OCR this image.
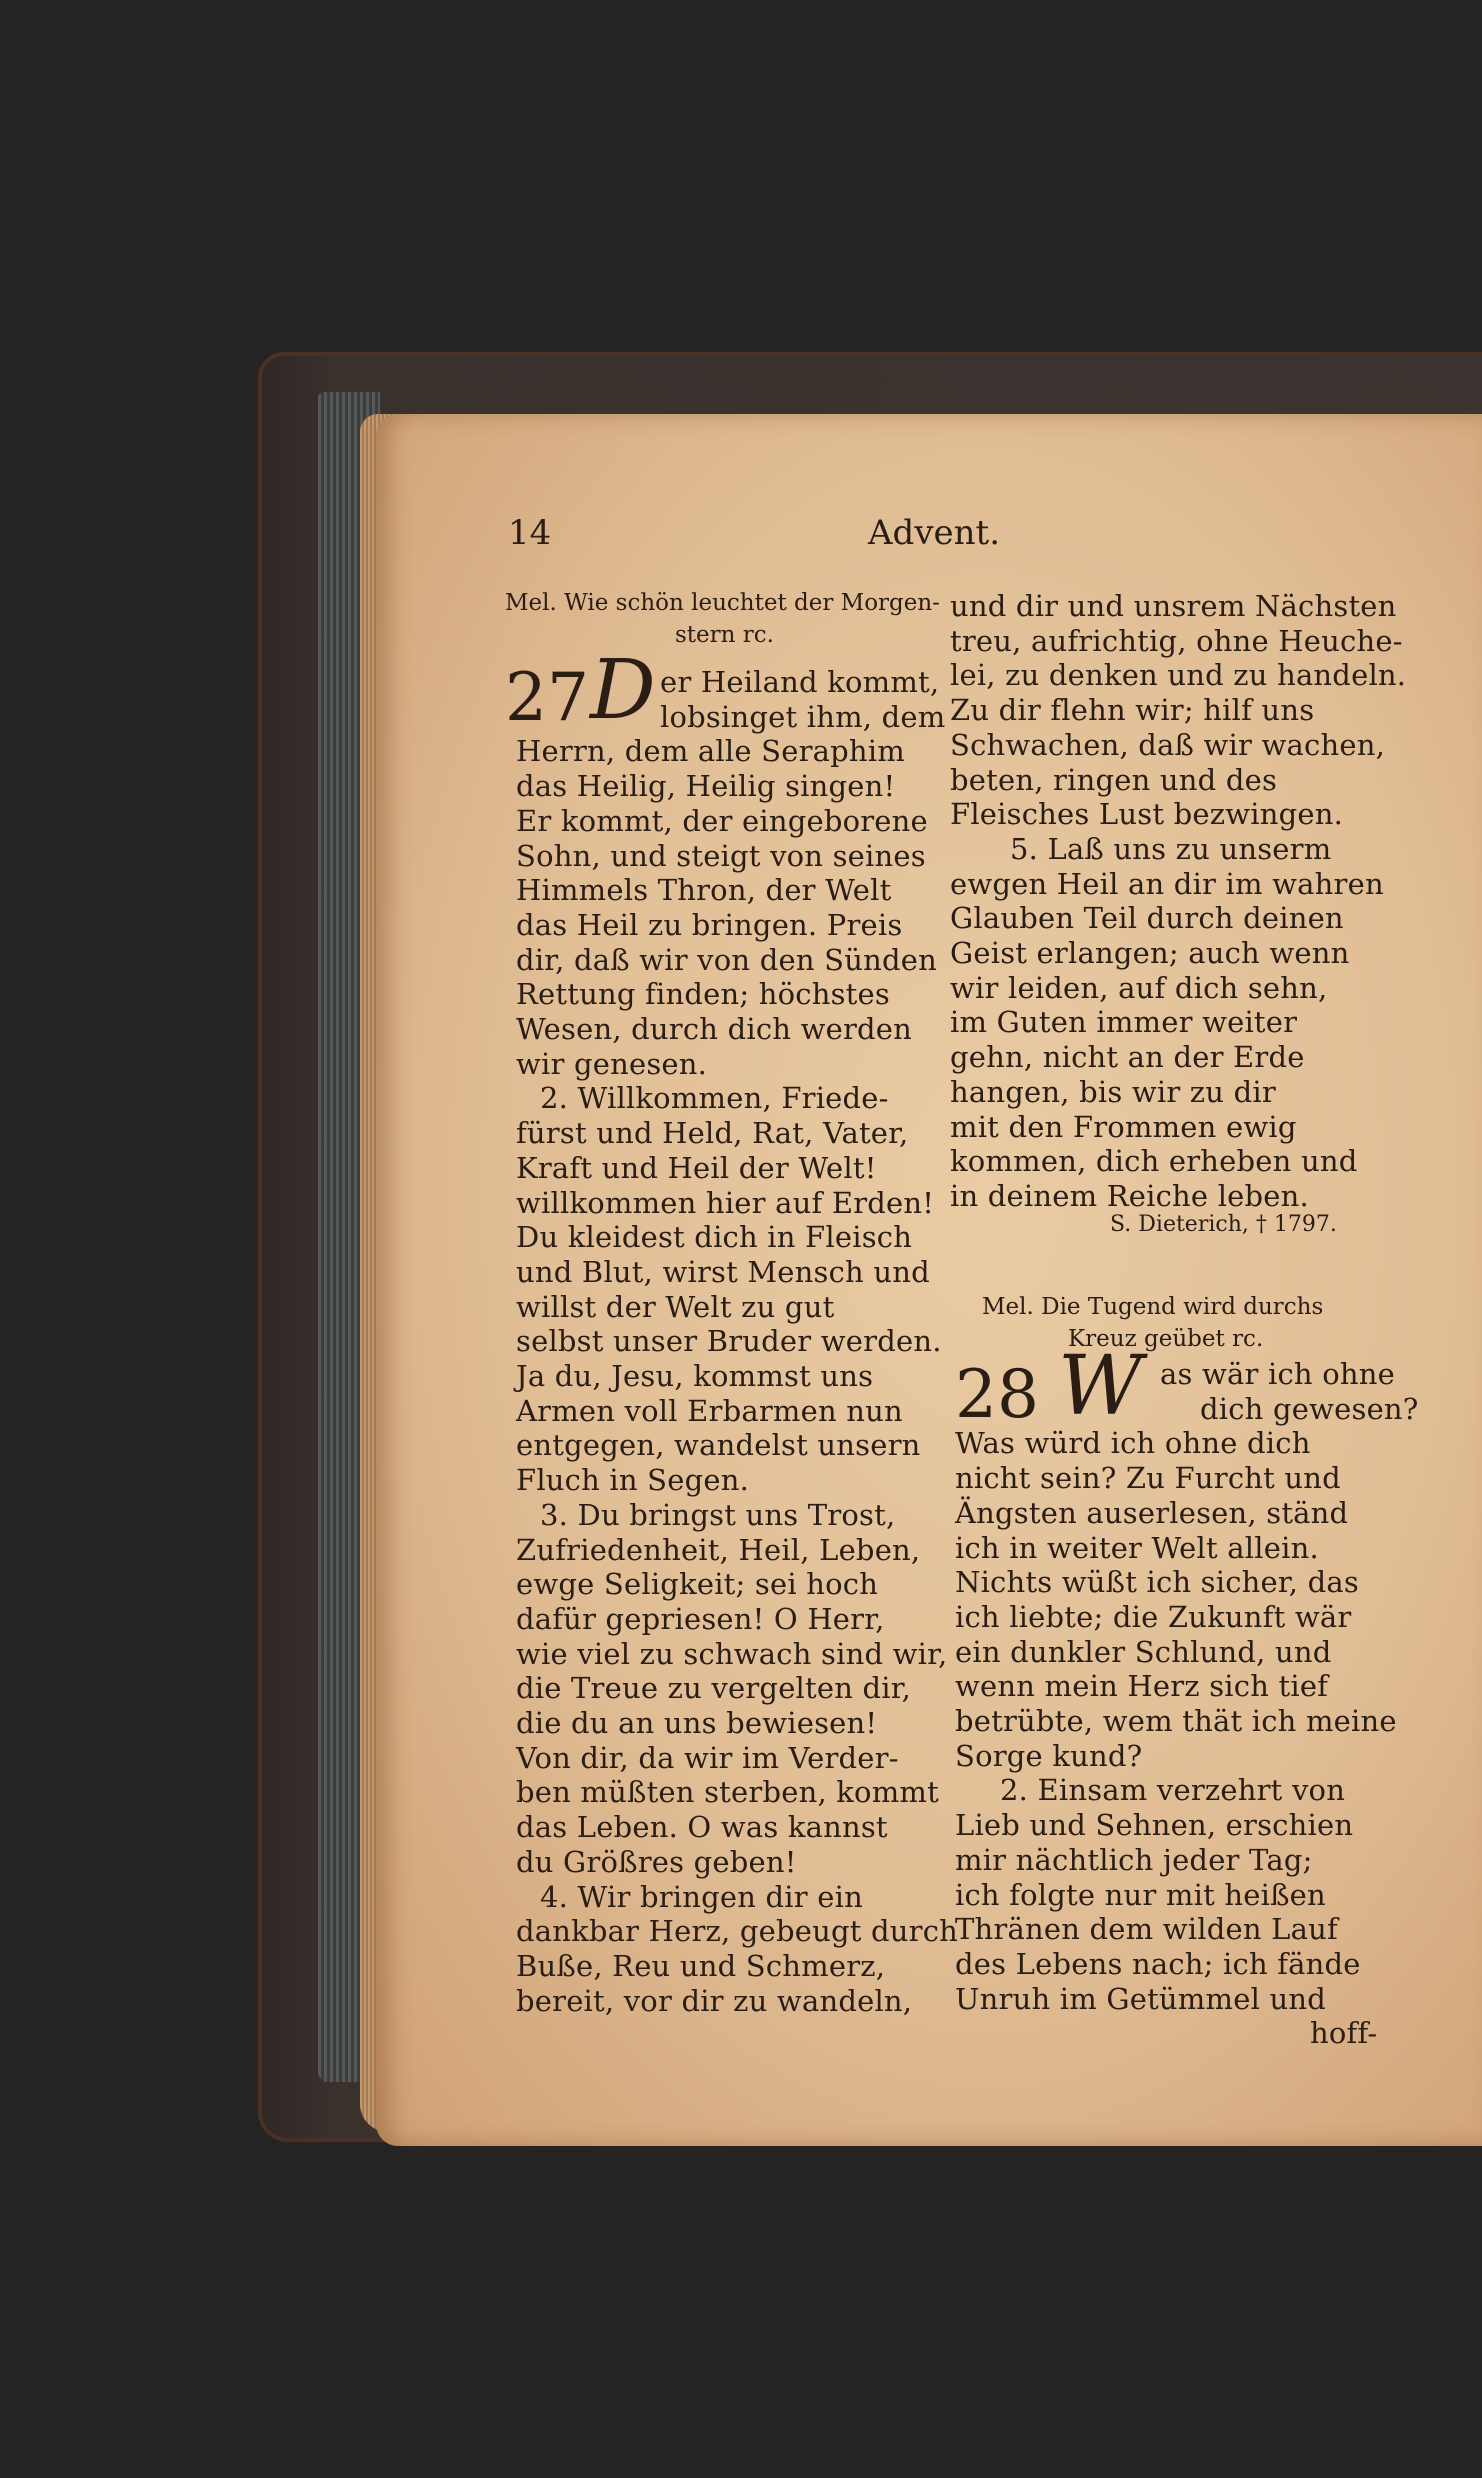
14	Advent.
Mel. Wie schön leuchtet der Morgen-
stern rc.
27 D er Heiland kommt,
lobsinget ihm, dem
Herrn, dem alle Seraphim
das Heilig, Heilig singen!
Er kommt, der eingeborene
Sohn, und steigt von seines
Himmels Thron, der Welt
das Heil zu bringen. Preis
dir, daß wir von den Sünden
Rettung finden; höchstes
Wesen, durch dich werden
wir genesen.
2. Willkommen, Friede-
fürst und Held, Rat, Vater,
Kraft und Heil der Welt!
willkommen hier auf Erden!
Du kleidest dich in Fleisch
und Blut, wirst Mensch und
willst der Welt zu gut
selbst unser Bruder werden.
Ja du, Jesu, kommst uns
Armen voll Erbarmen nun
entgegen, wandelst unsern
Fluch in Segen.
3. Du bringst uns Trost,
Zufriedenheit, Heil, Leben,
ewge Seligkeit; sei hoch
dafür gepriesen! O Herr,
wie viel zu schwach sind wir,
die Treue zu vergelten dir,
die du an uns bewiesen!
Von dir, da wir im Verder-
ben müßten sterben, kommt
das Leben. O was kannst
du Größres geben!
4. Wir bringen dir ein
dankbar Herz, gebeugt durch
Buße, Reu und Schmerz,
bereit, vor dir zu wandeln,
und dir und unsrem Nächsten
treu, aufrichtig, ohne Heuche-
lei, zu denken und zu handeln.
Zu dir flehn wir; hilf uns
Schwachen, daß wir wachen,
beten, ringen und des
Fleisches Lust bezwingen.
5. Laß uns zu unserm
ewgen Heil an dir im wahren
Glauben Teil durch deinen
Geist erlangen; auch wenn
wir leiden, auf dich sehn,
im Guten immer weiter
gehn, nicht an der Erde
hangen, bis wir zu dir
mit den Frommen ewig
kommen, dich erheben und
in deinem Reiche leben.
S. Dieterich, † 1797.
Mel. Die Tugend wird durchs
Kreuz geübet rc.
28 W as wär ich ohne
dich gewesen?
Was würd ich ohne dich
nicht sein? Zu Furcht und
Ängsten auserlesen, ständ
ich in weiter Welt allein.
Nichts wüßt ich sicher, das
ich liebte; die Zukunft wär
ein dunkler Schlund, und
wenn mein Herz sich tief
betrübte, wem thät ich meine
Sorge kund?
2. Einsam verzehrt von
Lieb und Sehnen, erschien
mir nächtlich jeder Tag;
ich folgte nur mit heißen
Thränen dem wilden Lauf
des Lebens nach; ich fände
Unruh im Getümmel und
hoff-
